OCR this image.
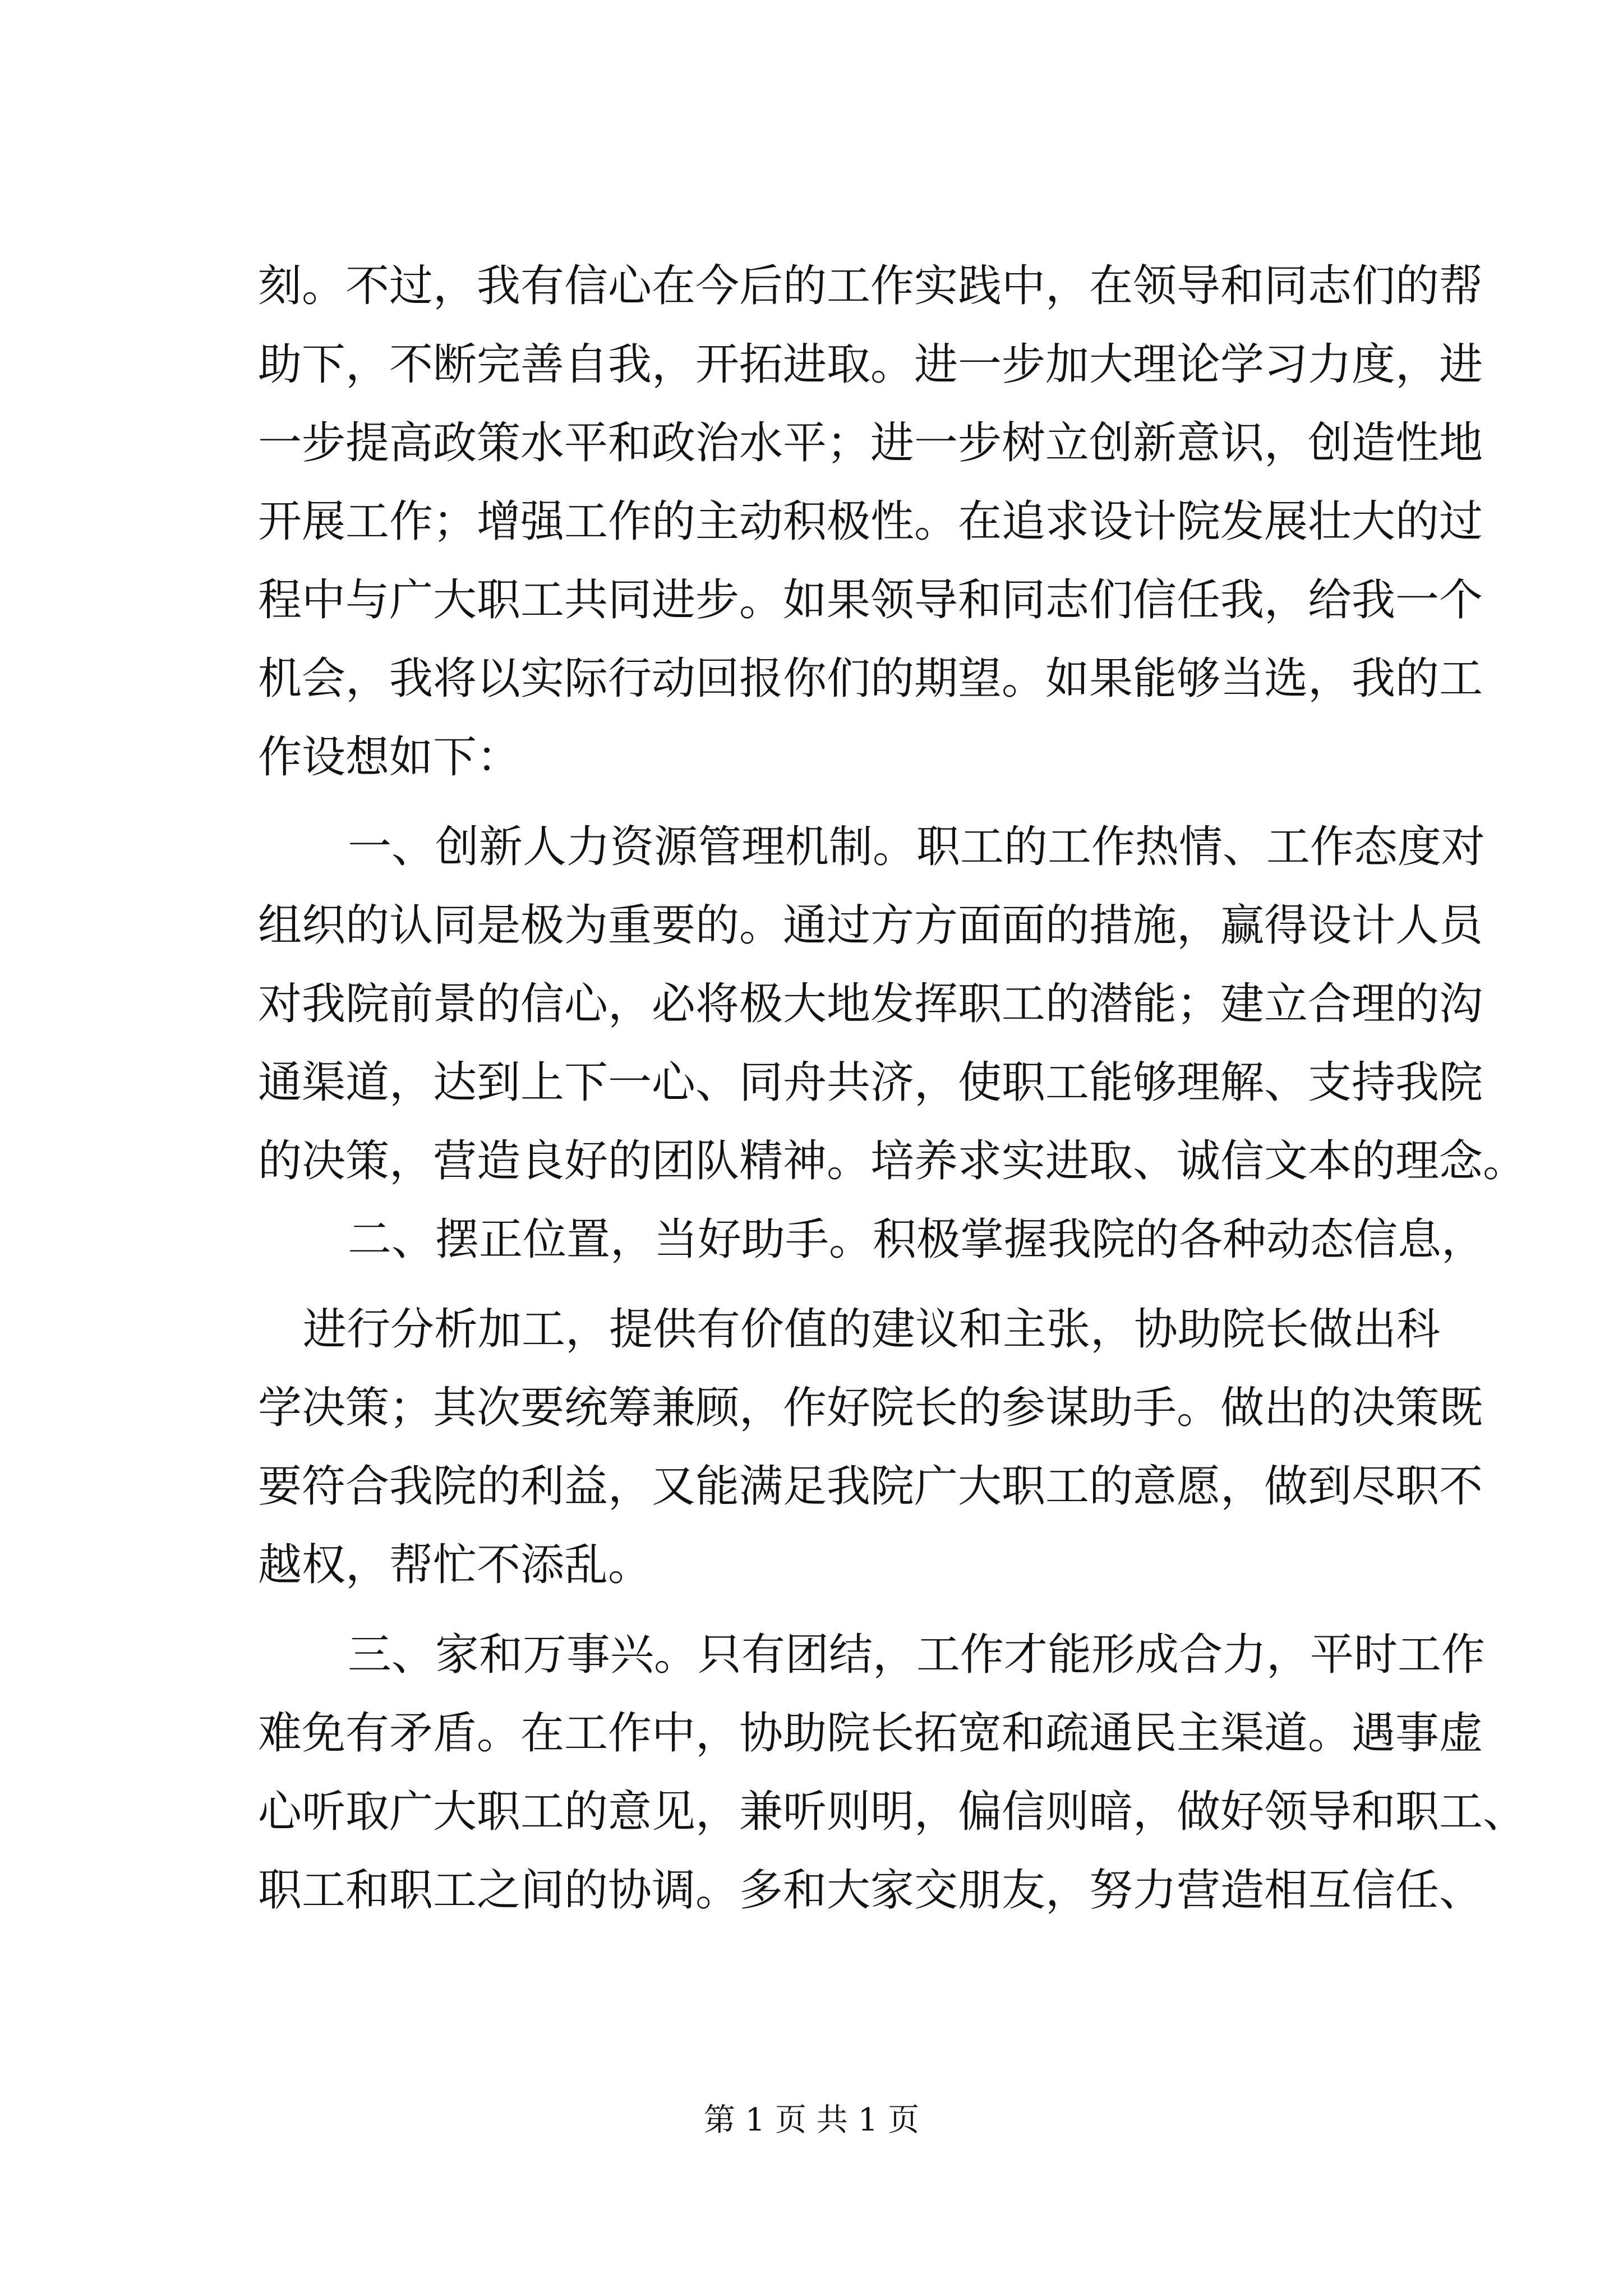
刻。不过，我有信心在今后的工作实践中，在领导和同志们的帮
助下，不断完善自我，开拓进取。进一步加大理论学习力度，进
一步提高政策水平和政治水平；进一步树立创新意识，创造性地
开展工作；增强工作的主动积极性。在追求设计院发展壮大的过
程中与广大职工共同进步。如果领导和同志们信任我，给我一个
机会，我将以实际行动回报你们的期望。如果能够当选，我的工
作设想如下：
一、创新人力资源管理机制。职工的工作热情、工作态度对
组织的认同是极为重要的。通过方方面面的措施，赢得设计人员
对我院前景的信心，必将极大地发挥职工的潜能；建立合理的沟
通渠道，达到上下一心、同舟共济，使职工能够理解、支持我院
的决策，营造良好的团队精神。培养求实进取、诚信文本的理念。
二、摆正位置，当好助手。积极掌握我院的各种动态信息，
进行分析加工，提供有价值的建议和主张，协助院长做出科
学决策；其次要统筹兼顾，作好院长的参谋助手。做出的决策既
要符合我院的利益，又能满足我院广大职工的意愿，做到尽职不
越权，帮忙不添乱。
三、家和万事兴。只有团结，工作才能形成合力，平时工作
难免有矛盾。在工作中，协助院长拓宽和疏通民主渠道。遇事虚
心听取广大职工的意见，兼听则明，偏信则暗，做好领导和职工、
职工和职工之间的协调。多和大家交朋友，努力营造相互信任、
第 1 页 共 1 页
